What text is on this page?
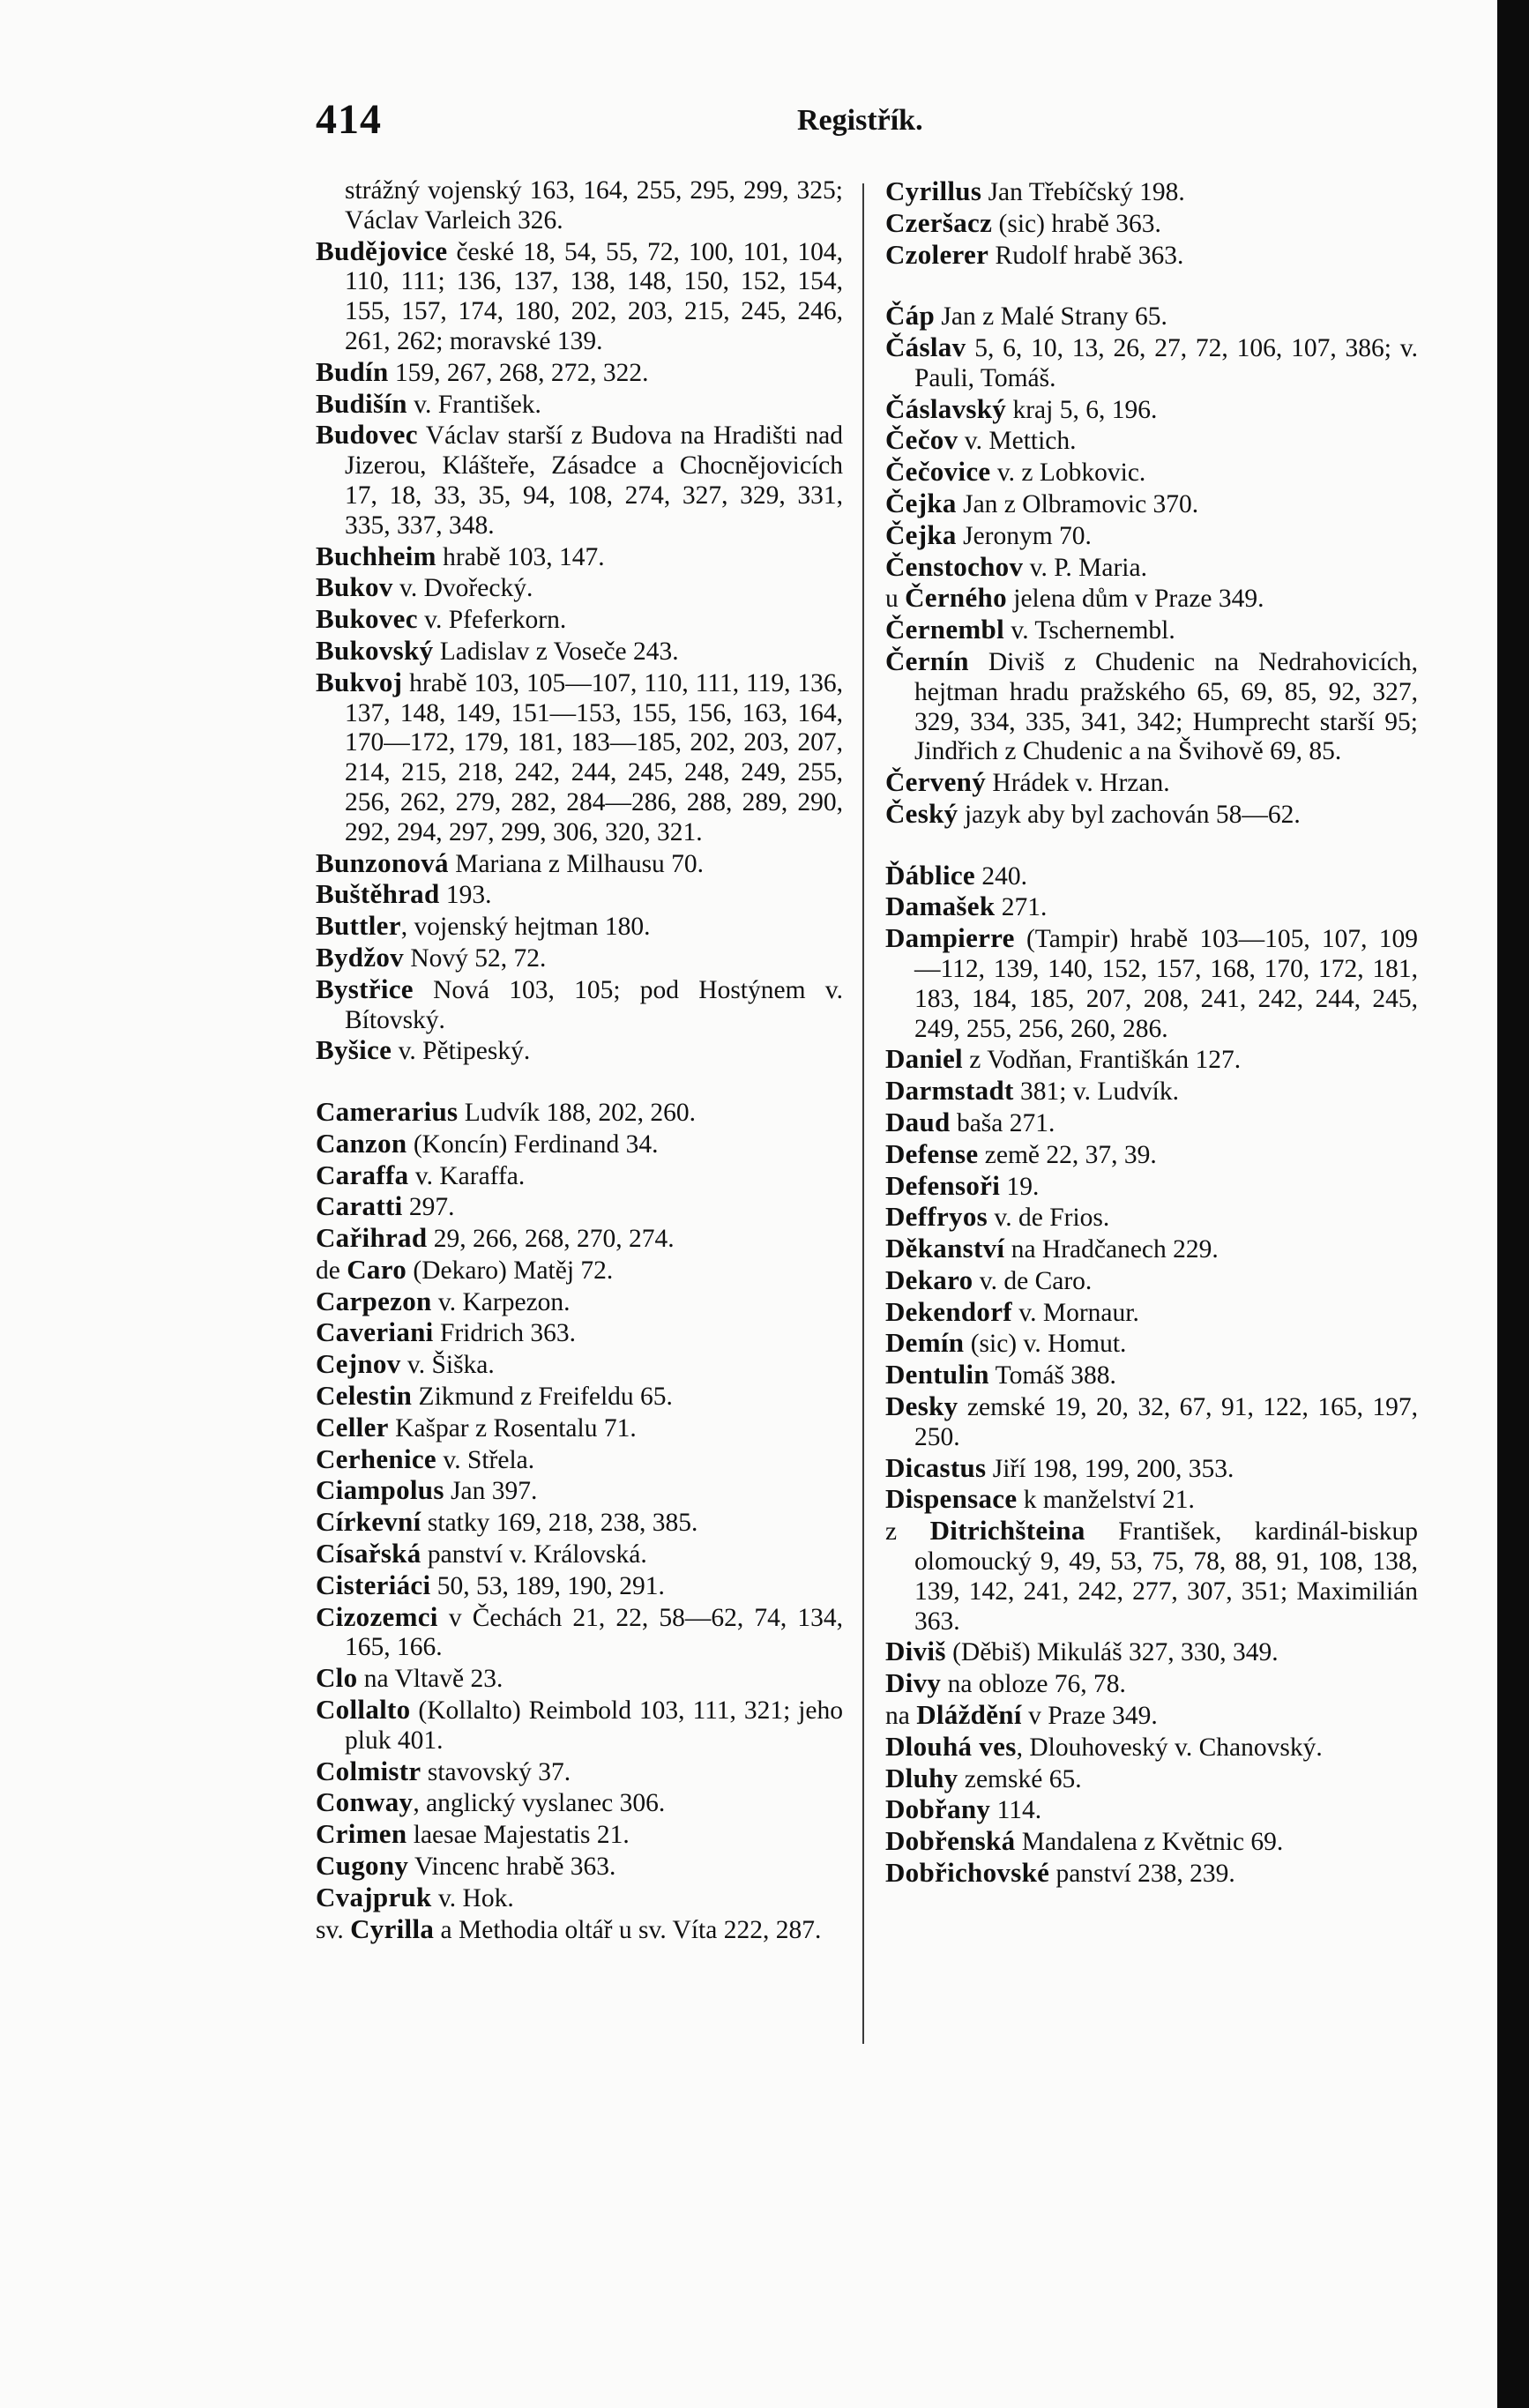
414	Registřík.
strážný vojenský 163, 164, 255, 295, 299, 325; Václav Varleich 326.
Budějovice české 18, 54, 55, 72, 100, 101, 104, 110, 111; 136, 137, 138, 148, 150, 152, 154, 155, 157, 174, 180, 202, 203, 215, 245, 246, 261, 262; moravské 139.
Budín 159, 267, 268, 272, 322.
Budišín v. František.
Budovec Václav starší z Budova na Hradišti nad Jizerou, Klášteře, Zásadce a Chocnějovicích 17, 18, 33, 35, 94, 108, 274, 327, 329, 331, 335, 337, 348.
Buchheim hrabě 103, 147.
Bukov v. Dvořecký.
Bukovec v. Pfeferkorn.
Bukovský Ladislav z Voseče 243.
Bukvoj hrabě 103, 105—107, 110, 111, 119, 136, 137, 148, 149, 151—153, 155, 156, 163, 164, 170—172, 179, 181, 183—185, 202, 203, 207, 214, 215, 218, 242, 244, 245, 248, 249, 255, 256, 262, 279, 282, 284—286, 288, 289, 290, 292, 294, 297, 299, 306, 320, 321.
Bunzonová Mariana z Milhausu 70.
Buštěhrad 193.
Buttler, vojenský hejtman 180.
Bydžov Nový 52, 72.
Bystřice Nová 103, 105; pod Hostýnem v. Bítovský.
Byšice v. Pětipeský.
Camerarius Ludvík 188, 202, 260.
Canzon (Koncín) Ferdinand 34.
Caraffa v. Karaffa.
Caratti 297.
Cařihrad 29, 266, 268, 270, 274.
de Caro (Dekaro) Matěj 72.
Carpezon v. Karpezon.
Caveriani Fridrich 363.
Cejnov v. Šiška.
Celestin Zikmund z Freifeldu 65.
Celler Kašpar z Rosentalu 71.
Cerhenice v. Střela.
Ciampolus Jan 397.
Církevní statky 169, 218, 238, 385.
Císařská panství v. Královská.
Cisteriáci 50, 53, 189, 190, 291.
Cizozemci v Čechách 21, 22, 58—62, 74, 134, 165, 166.
Clo na Vltavě 23.
Collalto (Kollalto) Reimbold 103, 111, 321; jeho pluk 401.
Colmistr stavovský 37.
Conway, anglický vyslanec 306.
Crimen laesae Majestatis 21.
Cugony Vincenc hrabě 363.
Cvajpruk v. Hok.
sv. Cyrilla a Methodia oltář u sv. Víta 222, 287.
Cyrillus Jan Třebíčský 198.
Czeršacz (sic) hrabě 363.
Czolerer Rudolf hrabě 363.
Čáp Jan z Malé Strany 65.
Čáslav 5, 6, 10, 13, 26, 27, 72, 106, 107, 386; v. Pauli, Tomáš.
Čáslavský kraj 5, 6, 196.
Čečov v. Mettich.
Čečovice v. z Lobkovic.
Čejka Jan z Olbramovic 370.
Čejka Jeronym 70.
Čenstochov v. P. Maria.
u Černého jelena dům v Praze 349.
Černembl v. Tschernembl.
Černín Diviš z Chudenic na Nedrahovicích, hejtman hradu pražského 65, 69, 85, 92, 327, 329, 334, 335, 341, 342; Humprecht starší 95; Jindřich z Chudenic a na Švihově 69, 85.
Červený Hrádek v. Hrzan.
Český jazyk aby byl zachován 58—62.
Ďáblice 240.
Damašek 271.
Dampierre (Tampir) hrabě 103—105, 107, 109—112, 139, 140, 152, 157, 168, 170, 172, 181, 183, 184, 185, 207, 208, 241, 242, 244, 245, 249, 255, 256, 260, 286.
Daniel z Vodňan, Františkán 127.
Darmstadt 381; v. Ludvík.
Daud baša 271.
Defense země 22, 37, 39.
Defensoři 19.
Deffryos v. de Frios.
Děkanství na Hradčanech 229.
Dekaro v. de Caro.
Dekendorf v. Mornaur.
Demín (sic) v. Homut.
Dentulin Tomáš 388.
Desky zemské 19, 20, 32, 67, 91, 122, 165, 197, 250.
Dicastus Jiří 198, 199, 200, 353.
Dispensace k manželství 21.
z Ditrichšteina František, kardinál-biskup olomoucký 9, 49, 53, 75, 78, 88, 91, 108, 138, 139, 142, 241, 242, 277, 307, 351; Maximilián 363.
Diviš (Děbiš) Mikuláš 327, 330, 349.
Divy na obloze 76, 78.
na Dláždění v Praze 349.
Dlouhá ves, Dlouhoveský v. Chanovský.
Dluhy zemské 65.
Dobřany 114.
Dobřenská Mandalena z Květnic 69.
Dobřichovské panství 238, 239.
